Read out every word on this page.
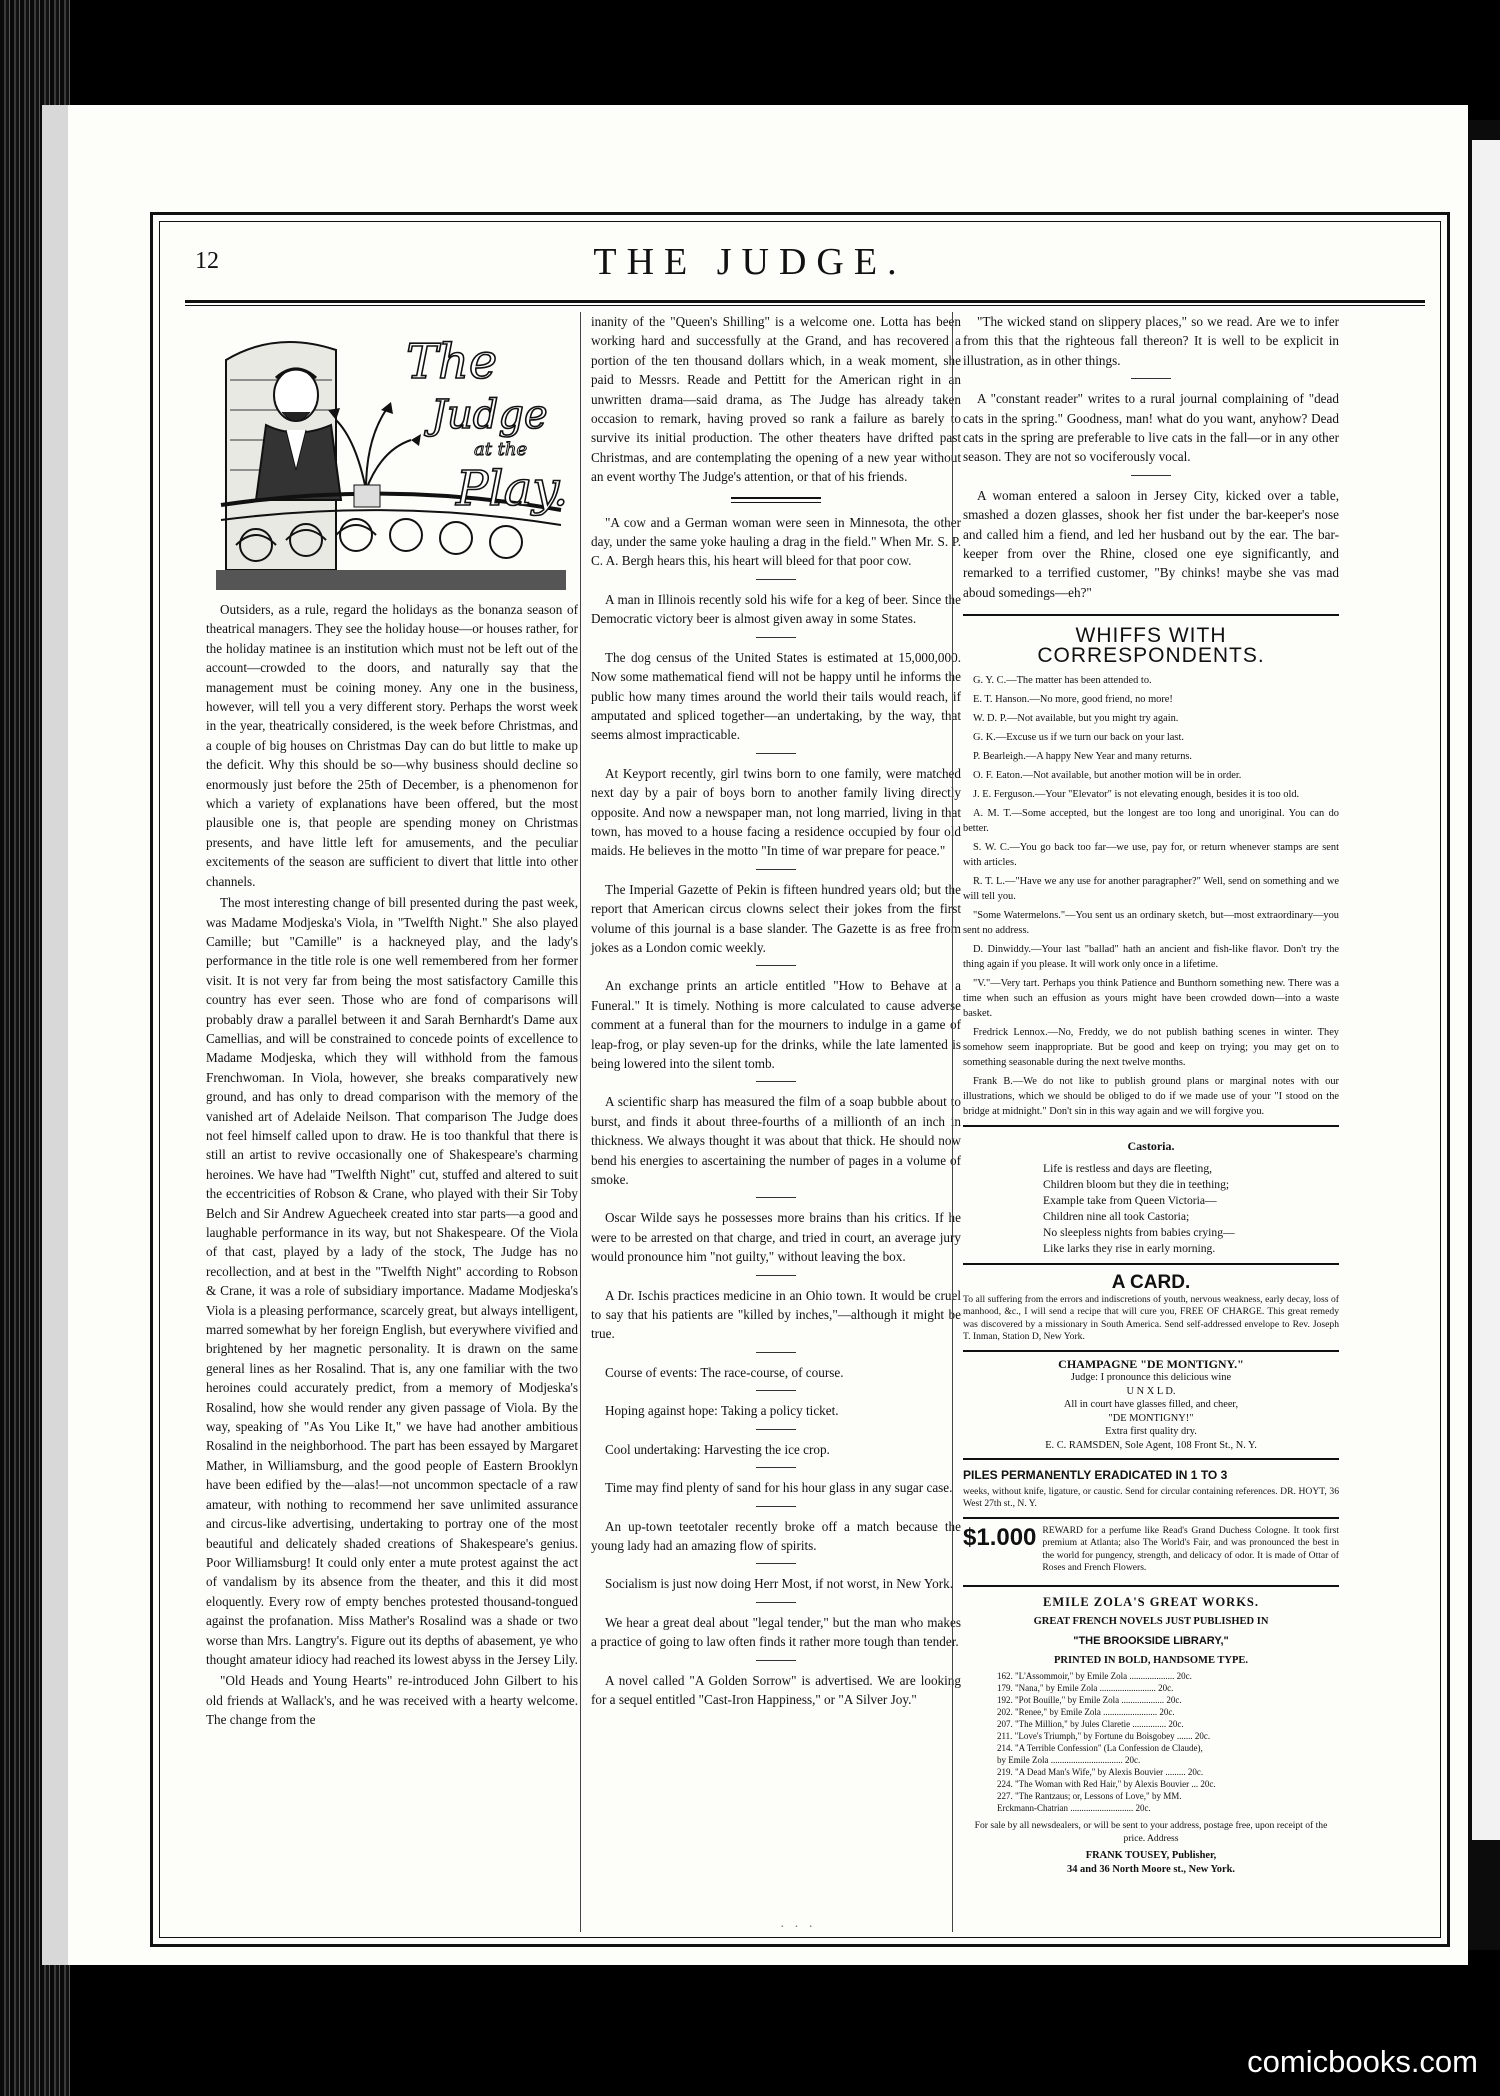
12	THE JUDGE.
The
Judge
at the
Play.

Outsiders, as a rule, regard the holidays as the bonanza season of theatrical managers. They see the holiday house—or houses rather, for the holiday matinee is an institution which must not be left out of the account—crowded to the doors, and naturally say that the management must be coining money. Any one in the business, however, will tell you a very different story. Perhaps the worst week in the year, theatrically considered, is the week before Christmas, and a couple of big houses on Christmas Day can do but little to make up the deficit. Why this should be so—why business should decline so enormously just before the 25th of December, is a phenomenon for which a variety of explanations have been offered, but the most plausible one is, that people are spending money on Christmas presents, and have little left for amusements, and the peculiar excitements of the season are sufficient to divert that little into other channels.

The most interesting change of bill presented during the past week, was Madame Modjeska's Viola, in "Twelfth Night." She also played Camille; but "Camille" is a hackneyed play, and the lady's performance in the title role is one well remembered from her former visit. It is not very far from being the most satisfactory Camille this country has ever seen. Those who are fond of comparisons will probably draw a parallel between it and Sarah Bernhardt's Dame aux Camellias, and will be constrained to concede points of excellence to Madame Modjeska, which they will withhold from the famous Frenchwoman. In Viola, however, she breaks comparatively new ground, and has only to dread comparison with the memory of the vanished art of Adelaide Neilson. That comparison The Judge does not feel himself called upon to draw. He is too thankful that there is still an artist to revive occasionally one of Shakespeare's charming heroines. We have had "Twelfth Night" cut, stuffed and altered to suit the eccentricities of Robson & Crane, who played with their Sir Toby Belch and Sir Andrew Aguecheek created into star parts—a good and laughable performance in its way, but not Shakespeare. Of the Viola of that cast, played by a lady of the stock, The Judge has no recollection, and at best in the "Twelfth Night" according to Robson & Crane, it was a role of subsidiary importance. Madame Modjeska's Viola is a pleasing performance, scarcely great, but always intelligent, marred somewhat by her foreign English, but everywhere vivified and brightened by her magnetic personality. It is drawn on the same general lines as her Rosalind. That is, any one familiar with the two heroines could accurately predict, from a memory of Modjeska's Rosalind, how she would render any given passage of Viola. By the way, speaking of "As You Like It," we have had another ambitious Rosalind in the neighborhood. The part has been essayed by Margaret Mather, in Williamsburg, and the good people of Eastern Brooklyn have been edified by the—alas!—not uncommon spectacle of a raw amateur, with nothing to recommend her save unlimited assurance and circus-like advertising, undertaking to portray one of the most beautiful and delicately shaded creations of Shakespeare's genius. Poor Williamsburg! It could only enter a mute protest against the act of vandalism by its absence from the theater, and this it did most eloquently. Every row of empty benches protested thousand-tongued against the profanation. Miss Mather's Rosalind was a shade or two worse than Mrs. Langtry's. Figure out its depths of abasement, ye who thought amateur idiocy had reached its lowest abyss in the Jersey Lily.

"Old Heads and Young Hearts" re-introduced John Gilbert to his old friends at Wallack's, and he was received with a hearty welcome. The change from the

inanity of the "Queen's Shilling" is a welcome one. Lotta has been working hard and successfully at the Grand, and has recovered a portion of the ten thousand dollars which, in a weak moment, she paid to Messrs. Reade and Pettitt for the American right in an unwritten drama—said drama, as The Judge has already taken occasion to remark, having proved so rank a failure as barely to survive its initial production. The other theaters have drifted past Christmas, and are contemplating the opening of a new year without an event worthy The Judge's attention, or that of his friends.

"A cow and a German woman were seen in Minnesota, the other day, under the same yoke hauling a drag in the field." When Mr. S. P. C. A. Bergh hears this, his heart will bleed for that poor cow.

A man in Illinois recently sold his wife for a keg of beer. Since the Democratic victory beer is almost given away in some States.

The dog census of the United States is estimated at 15,000,000. Now some mathematical fiend will not be happy until he informs the public how many times around the world their tails would reach, if amputated and spliced together—an undertaking, by the way, that seems almost impracticable.

At Keyport recently, girl twins born to one family, were matched next day by a pair of boys born to another family living directly opposite. And now a newspaper man, not long married, living in that town, has moved to a house facing a residence occupied by four old maids. He believes in the motto "In time of war prepare for peace."

The Imperial Gazette of Pekin is fifteen hundred years old; but the report that American circus clowns select their jokes from the first volume of this journal is a base slander. The Gazette is as free from jokes as a London comic weekly.

An exchange prints an article entitled "How to Behave at a Funeral." It is timely. Nothing is more calculated to cause adverse comment at a funeral than for the mourners to indulge in a game of leap-frog, or play seven-up for the drinks, while the late lamented is being lowered into the silent tomb.

A scientific sharp has measured the film of a soap bubble about to burst, and finds it about three-fourths of a millionth of an inch in thickness. We always thought it was about that thick. He should now bend his energies to ascertaining the number of pages in a volume of smoke.

Oscar Wilde says he possesses more brains than his critics. If he were to be arrested on that charge, and tried in court, an average jury would pronounce him "not guilty," without leaving the box.

A Dr. Ischis practices medicine in an Ohio town. It would be cruel to say that his patients are "killed by inches,"—although it might be true.

Course of events: The race-course, of course.

Hoping against hope: Taking a policy ticket.

Cool undertaking: Harvesting the ice crop.

Time may find plenty of sand for his hour glass in any sugar case.

An up-town teetotaler recently broke off a match because the young lady had an amazing flow of spirits.

Socialism is just now doing Herr Most, if not worst, in New York.

We hear a great deal about "legal tender," but the man who makes a practice of going to law often finds it rather more tough than tender.

A novel called "A Golden Sorrow" is advertised. We are looking for a sequel entitled "Cast-Iron Happiness," or "A Silver Joy."

"The wicked stand on slippery places," so we read. Are we to infer from this that the righteous fall thereon? It is well to be explicit in illustration, as in other things.

A "constant reader" writes to a rural journal complaining of "dead cats in the spring." Goodness, man! what do you want, anyhow? Dead cats in the spring are preferable to live cats in the fall—or in any other season. They are not so vociferously vocal.

A woman entered a saloon in Jersey City, kicked over a table, smashed a dozen glasses, shook her fist under the bar-keeper's nose and called him a fiend, and led her husband out by the ear. The bar-keeper from over the Rhine, closed one eye significantly, and remarked to a terrified customer, "By chinks! maybe she vas mad aboud somedings—eh?"

WHIFFS WITH CORRESPONDENTS.
G. Y. C.—The matter has been attended to.
E. T. Hanson.—No more, good friend, no more!
W. D. P.—Not available, but you might try again.
G. K.—Excuse us if we turn our back on your last.
P. Bearleigh.—A happy New Year and many returns.
O. F. Eaton.—Not available, but another motion will be in order.
J. E. Ferguson.—Your "Elevator" is not elevating enough, besides it is too old.
A. M. T.—Some accepted, but the longest are too long and unoriginal. You can do better.
S. W. C.—You go back too far—we use, pay for, or return whenever stamps are sent with articles.
R. T. L.—"Have we any use for another paragrapher?" Well, send on something and we will tell you.
"Some Watermelons."—You sent us an ordinary sketch, but—most extraordinary—you sent no address.
D. Dinwiddy.—Your last "ballad" hath an ancient and fish-like flavor. Don't try the thing again if you please. It will work only once in a lifetime.
"V."—Very tart. Perhaps you think Patience and Bunthorn something new. There was a time when such an effusion as yours might have been crowded down—into a waste basket.
Fredrick Lennox.—No, Freddy, we do not publish bathing scenes in winter. They somehow seem inappropriate. But be good and keep on trying; you may get on to something seasonable during the next twelve months.
Frank B.—We do not like to publish ground plans or marginal notes with our illustrations, which we should be obliged to do if we made use of your "I stood on the bridge at midnight." Don't sin in this way again and we will forgive you.
Castoria.
Life is restless and days are fleeting,
Children bloom but they die in teething;
Example take from Queen Victoria—
Children nine all took Castoria;
No sleepless nights from babies crying—
Like larks they rise in early morning.
A CARD.
To all suffering from the errors and indiscretions of youth, nervous weakness, early decay, loss of manhood, &c., I will send a recipe that will cure you, FREE OF CHARGE. This great remedy was discovered by a missionary in South America. Send self-addressed envelope to Rev. Joseph T. Inman, Station D, New York.
CHAMPAGNE "DE MONTIGNY."
Judge: I pronounce this delicious wine
U N X L D.
All in court have glasses filled, and cheer,
"DE MONTIGNY!"
Extra first quality dry.
E. C. RAMSDEN, Sole Agent, 108 Front St., N. Y.
PILES PERMANENTLY ERADICATED IN 1 TO 3
weeks, without knife, ligature, or caustic. Send for circular containing references. DR. HOYT, 36 West 27th st., N. Y.
$1.000 REWARD for a perfume like Read's Grand Duchess Cologne. It took first premium at Atlanta; also The World's Fair, and was pronounced the best in the world for pungency, strength, and delicacy of odor. It is made of Ottar of Roses and French Flowers.
EMILE ZOLA'S GREAT WORKS.
GREAT FRENCH NOVELS JUST PUBLISHED IN
"THE BROOKSIDE LIBRARY,"
PRINTED IN BOLD, HANDSOME TYPE.
162. "L'Assommoir," by Emile Zola .................... 20c.
179. "Nana," by Emile Zola ......................... 20c.
192. "Pot Bouille," by Emile Zola ................... 20c.
202. "Renee," by Emile Zola ........................ 20c.
207. "The Million," by Jules Claretie ............... 20c.
211. "Love's Triumph," by Fortune du Boisgobey ....... 20c.
214. "A Terrible Confession" (La Confession de Claude),
by Emile Zola ................................ 20c.
219. "A Dead Man's Wife," by Alexis Bouvier ......... 20c.
224. "The Woman with Red Hair," by Alexis Bouvier ... 20c.
227. "The Rantzaus; or, Lessons of Love," by MM.
Erckmann-Chatrian ............................ 20c.
For sale by all newsdealers, or will be sent to your address, postage free, upon receipt of the price. Address
FRANK TOUSEY, Publisher,
34 and 36 North Moore st., New York.
· · ·
comicbooks.com
